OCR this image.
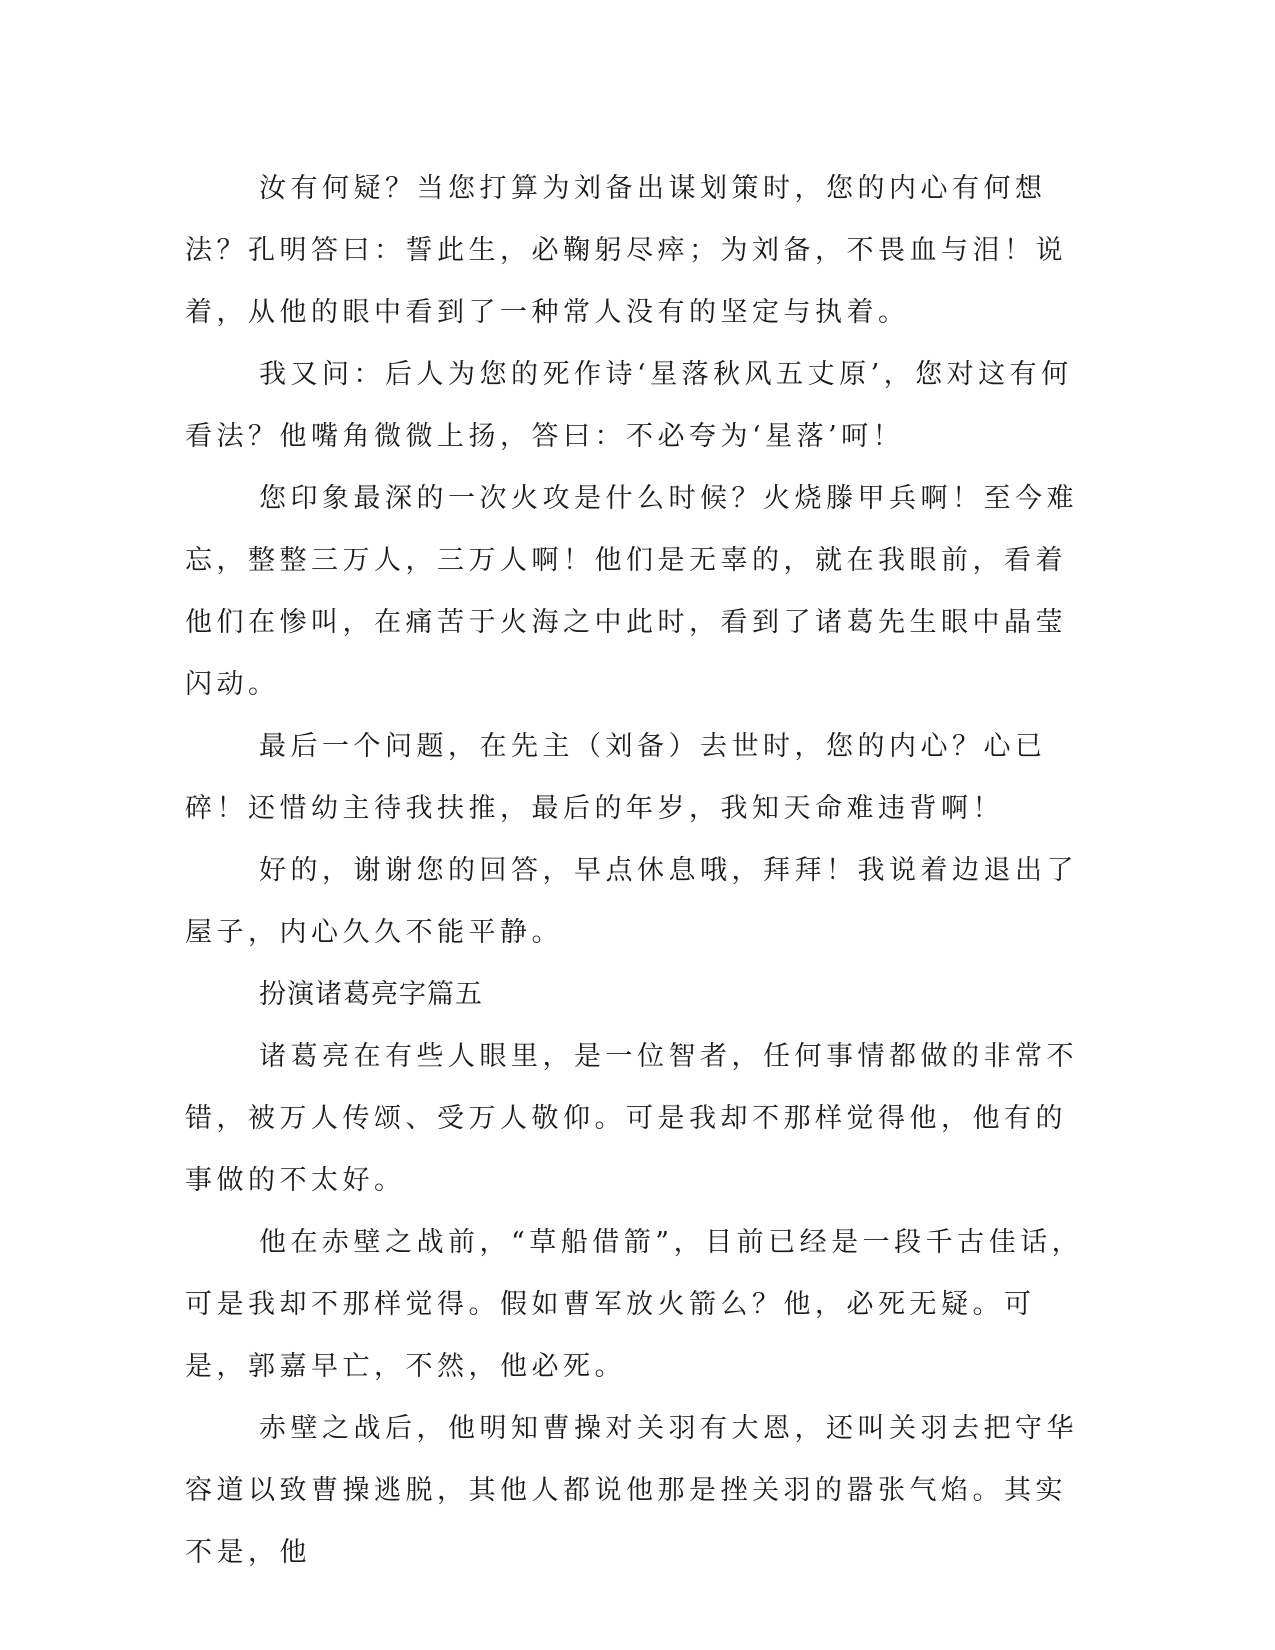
汝有何疑？当您打算为刘备出谋划策时，您的内心有何想法？孔明答曰：誓此生，必鞠躬尽瘁；为刘备，不畏血与泪！说着，从他的眼中看到了一种常人没有的坚定与执着。

我又问：后人为您的死作诗‘星落秋风五丈原’，您对这有何看法？他嘴角微微上扬，答曰：不必夸为‘星落’呵！

您印象最深的一次火攻是什么时候？火烧滕甲兵啊！至今难忘，整整三万人，三万人啊！他们是无辜的，就在我眼前，看着他们在惨叫，在痛苦于火海之中此时，看到了诸葛先生眼中晶莹闪动。

最后一个问题，在先主（刘备）去世时，您的内心？心已碎！还惜幼主待我扶推，最后的年岁，我知天命难违背啊！

好的，谢谢您的回答，早点休息哦，拜拜！我说着边退出了屋子，内心久久不能平静。

扮演诸葛亮字篇五

诸葛亮在有些人眼里，是一位智者，任何事情都做的非常不错，被万人传颂、受万人敬仰。可是我却不那样觉得他，他有的事做的不太好。

他在赤壁之战前，“草船借箭”，目前已经是一段千古佳话，可是我却不那样觉得。假如曹军放火箭么？他，必死无疑。可是，郭嘉早亡，不然，他必死。

赤壁之战后，他明知曹操对关羽有大恩，还叫关羽去把守华容道以致曹操逃脱，其他人都说他那是挫关羽的嚣张气焰。其实不是，他
